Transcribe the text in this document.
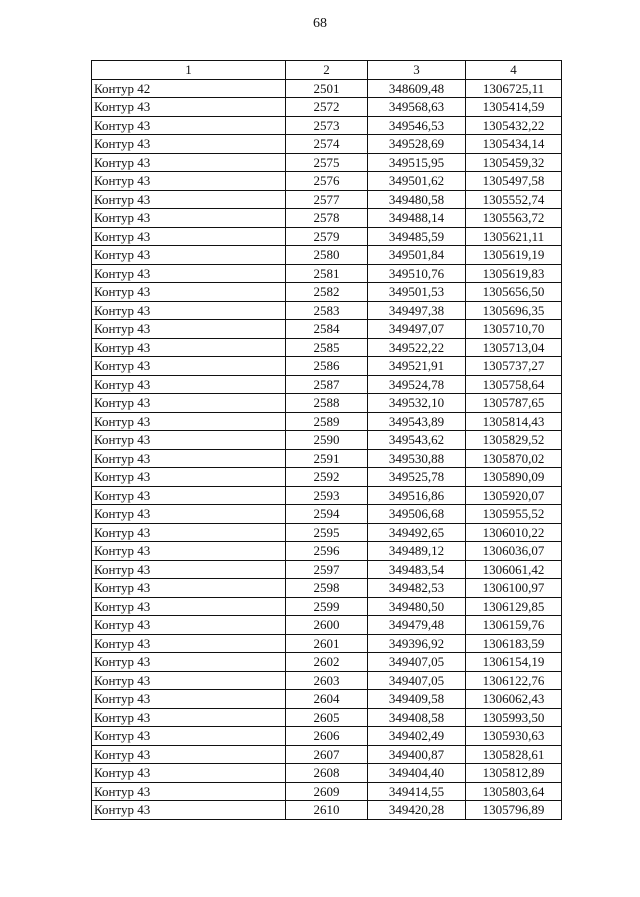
68
1	2	3	4
Контур 42	2501	348609,48	1306725,11
Контур 43	2572	349568,63	1305414,59
Контур 43	2573	349546,53	1305432,22
Контур 43	2574	349528,69	1305434,14
Контур 43	2575	349515,95	1305459,32
Контур 43	2576	349501,62	1305497,58
Контур 43	2577	349480,58	1305552,74
Контур 43	2578	349488,14	1305563,72
Контур 43	2579	349485,59	1305621,11
Контур 43	2580	349501,84	1305619,19
Контур 43	2581	349510,76	1305619,83
Контур 43	2582	349501,53	1305656,50
Контур 43	2583	349497,38	1305696,35
Контур 43	2584	349497,07	1305710,70
Контур 43	2585	349522,22	1305713,04
Контур 43	2586	349521,91	1305737,27
Контур 43	2587	349524,78	1305758,64
Контур 43	2588	349532,10	1305787,65
Контур 43	2589	349543,89	1305814,43
Контур 43	2590	349543,62	1305829,52
Контур 43	2591	349530,88	1305870,02
Контур 43	2592	349525,78	1305890,09
Контур 43	2593	349516,86	1305920,07
Контур 43	2594	349506,68	1305955,52
Контур 43	2595	349492,65	1306010,22
Контур 43	2596	349489,12	1306036,07
Контур 43	2597	349483,54	1306061,42
Контур 43	2598	349482,53	1306100,97
Контур 43	2599	349480,50	1306129,85
Контур 43	2600	349479,48	1306159,76
Контур 43	2601	349396,92	1306183,59
Контур 43	2602	349407,05	1306154,19
Контур 43	2603	349407,05	1306122,76
Контур 43	2604	349409,58	1306062,43
Контур 43	2605	349408,58	1305993,50
Контур 43	2606	349402,49	1305930,63
Контур 43	2607	349400,87	1305828,61
Контур 43	2608	349404,40	1305812,89
Контур 43	2609	349414,55	1305803,64
Контур 43	2610	349420,28	1305796,89
